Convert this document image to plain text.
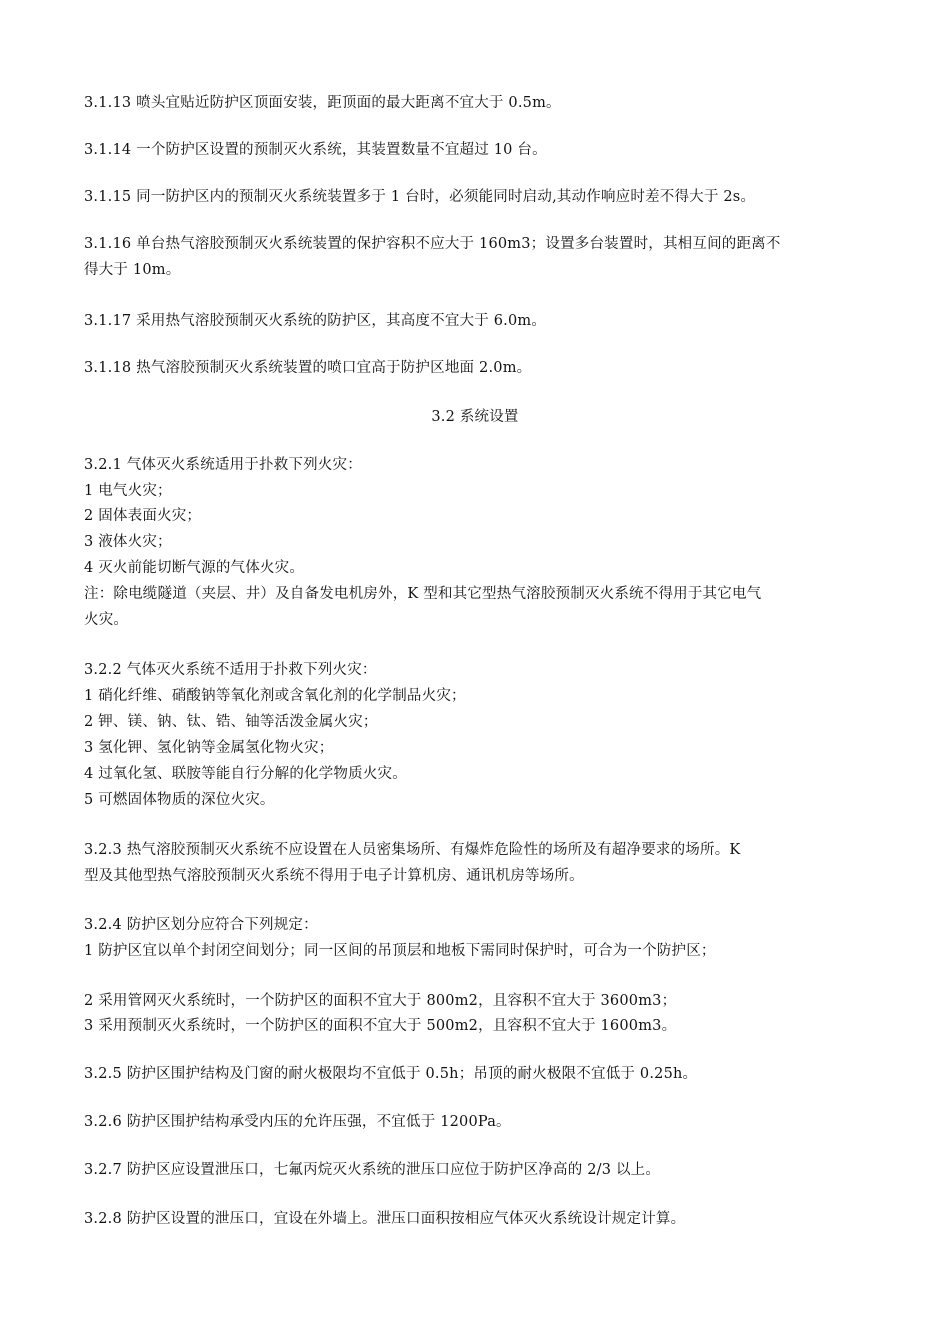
3.1.13 喷头宜贴近防护区顶面安装，距顶面的最大距离不宜大于 0.5m。
3.1.14 一个防护区设置的预制灭火系统，其装置数量不宜超过 10 台。
3.1.15 同一防护区内的预制灭火系统装置多于 1 台时，必须能同时启动,其动作响应时差不得大于 2s。
3.1.16 单台热气溶胶预制灭火系统装置的保护容积不应大于 160m3；设置多台装置时，其相互间的距离不
得大于 10m。
3.1.17 采用热气溶胶预制灭火系统的防护区，其高度不宜大于 6.0m。
3.1.18 热气溶胶预制灭火系统装置的喷口宜高于防护区地面 2.0m。
3.2 系统设置
3.2.1 气体灭火系统适用于扑救下列火灾：
1 电气火灾；
2 固体表面火灾；
3 液体火灾；
4 灭火前能切断气源的气体火灾。
注：除电缆隧道（夹层、井）及自备发电机房外，K 型和其它型热气溶胶预制灭火系统不得用于其它电气
火灾。
3.2.2 气体灭火系统不适用于扑救下列火灾：
1 硝化纤维、硝酸钠等氧化剂或含氧化剂的化学制品火灾；
2 钾、镁、钠、钛、锆、铀等活泼金属火灾；
3 氢化钾、氢化钠等金属氢化物火灾；
4 过氧化氢、联胺等能自行分解的化学物质火灾。
5 可燃固体物质的深位火灾。
3.2.3 热气溶胶预制灭火系统不应设置在人员密集场所、有爆炸危险性的场所及有超净要求的场所。K
型及其他型热气溶胶预制灭火系统不得用于电子计算机房、通讯机房等场所。
3.2.4 防护区划分应符合下列规定：
1 防护区宜以单个封闭空间划分；同一区间的吊顶层和地板下需同时保护时，可合为一个防护区；
2 采用管网灭火系统时，一个防护区的面积不宜大于 800m2，且容积不宜大于 3600m3；
3 采用预制灭火系统时，一个防护区的面积不宜大于 500m2，且容积不宜大于 1600m3。
3.2.5 防护区围护结构及门窗的耐火极限均不宜低于 0.5h；吊顶的耐火极限不宜低于 0.25h。
3.2.6 防护区围护结构承受内压的允许压强，不宜低于 1200Pa。
3.2.7 防护区应设置泄压口，七氟丙烷灭火系统的泄压口应位于防护区净高的 2/3 以上。
3.2.8 防护区设置的泄压口，宜设在外墙上。泄压口面积按相应气体灭火系统设计规定计算。
